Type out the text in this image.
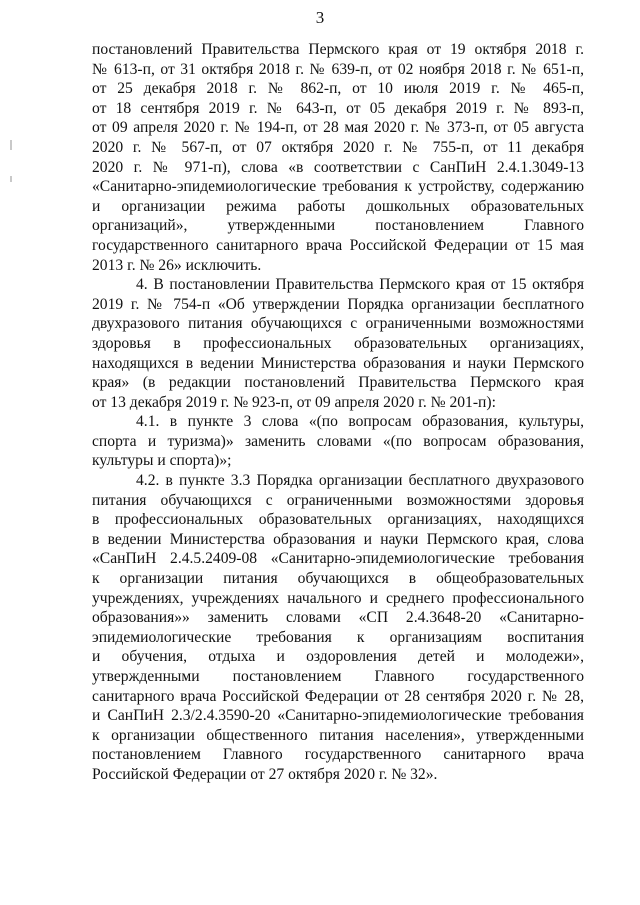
3

постановлений Правительства Пермского края от 19 октября 2018 г.
№ 613-п, от 31 октября 2018 г. № 639-п, от 02 ноября 2018 г. № 651-п,
от 25 декабря 2018 г. № 862-п, от 10 июля 2019 г. № 465-п,
от 18 сентября 2019 г. № 643-п, от 05 декабря 2019 г. № 893-п,
от 09 апреля 2020 г. № 194-п, от 28 мая 2020 г. № 373-п, от 05 августа
2020 г. № 567-п, от 07 октября 2020 г. № 755-п, от 11 декабря
2020 г. № 971-п), слова «в соответствии с СанПиН 2.4.1.3049-13
«Санитарно-эпидемиологические требования к устройству, содержанию
и организации режима работы дошкольных образовательных
организаций», утвержденными постановлением Главного
государственного санитарного врача Российской Федерации от 15 мая
2013 г. № 26» исключить.

4. В постановлении Правительства Пермского края от 15 октября
2019 г. № 754-п «Об утверждении Порядка организации бесплатного
двухразового питания обучающихся с ограниченными возможностями
здоровья в профессиональных образовательных организациях,
находящихся в ведении Министерства образования и науки Пермского
края» (в редакции постановлений Правительства Пермского края
от 13 декабря 2019 г. № 923-п, от 09 апреля 2020 г. № 201-п):

4.1. в пункте 3 слова «(по вопросам образования, культуры,
спорта и туризма)» заменить словами «(по вопросам образования,
культуры и спорта)»;

4.2. в пункте 3.3 Порядка организации бесплатного двухразового
питания обучающихся с ограниченными возможностями здоровья
в профессиональных образовательных организациях, находящихся
в ведении Министерства образования и науки Пермского края, слова
«СанПиН 2.4.5.2409-08 «Санитарно-эпидемиологические требования
к организации питания обучающихся в общеобразовательных
учреждениях, учреждениях начального и среднего профессионального
образования»» заменить словами «СП 2.4.3648-20 «Санитарно-
эпидемиологические требования к организациям воспитания
и обучения, отдыха и оздоровления детей и молодежи»,
утвержденными постановлением Главного государственного
санитарного врача Российской Федерации от 28 сентября 2020 г. № 28,
и СанПиН 2.3/2.4.3590-20 «Санитарно-эпидемиологические требования
к организации общественного питания населения», утвержденными
постановлением Главного государственного санитарного врача
Российской Федерации от 27 октября 2020 г. № 32».
